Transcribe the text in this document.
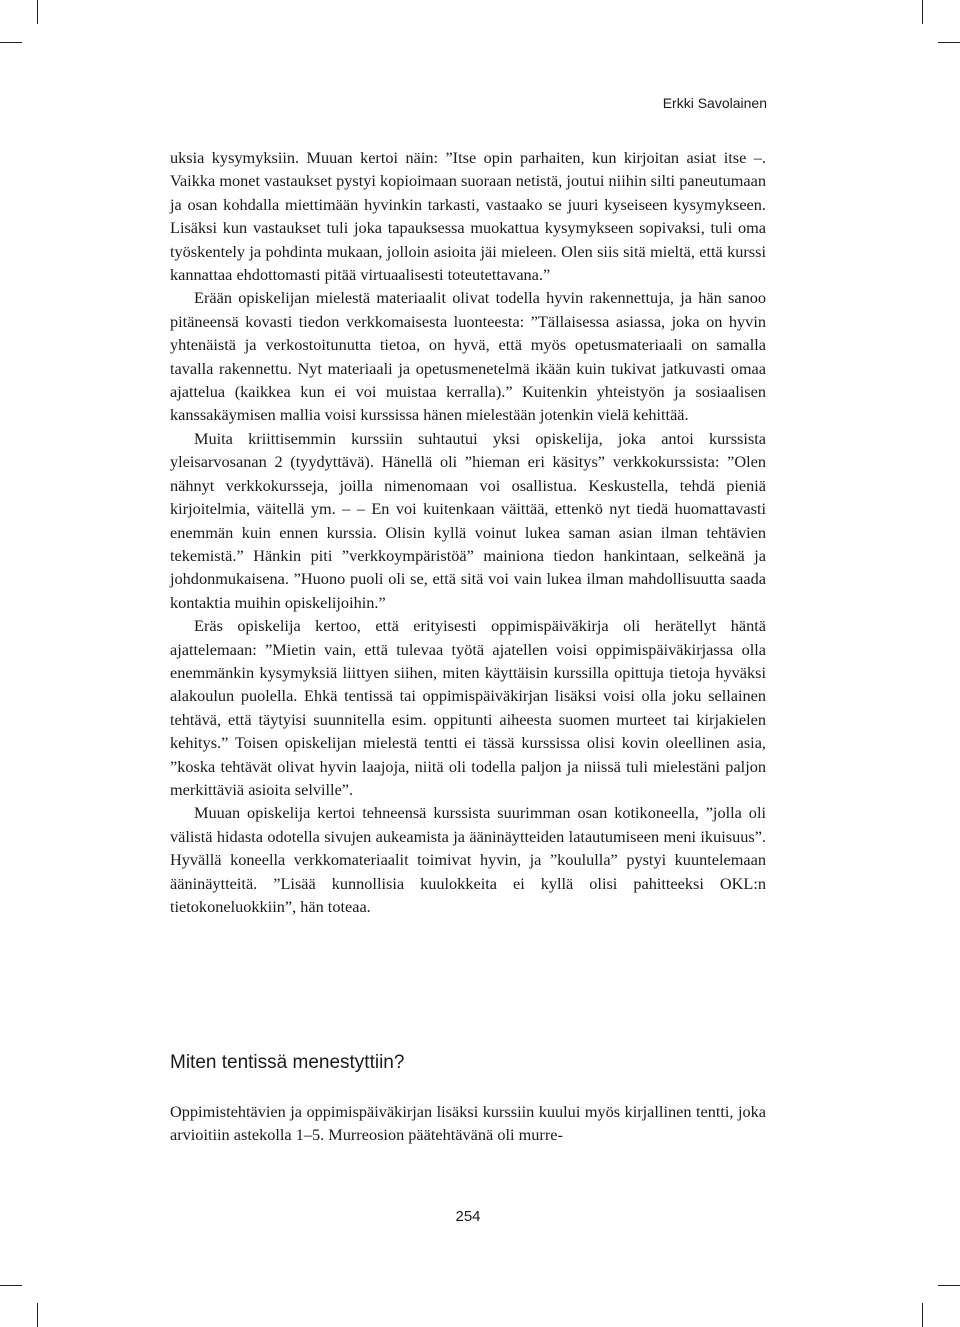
Erkki Savolainen

uksia kysymyksiin. Muuan kertoi näin: ”Itse opin parhaiten, kun kirjoitan asiat itse –. Vaikka monet vastaukset pystyi kopioimaan suoraan netistä, joutui niihin silti paneutumaan ja osan kohdalla miettimään hyvinkin tarkasti, vastaako se juuri kyseiseen kysymykseen. Lisäksi kun vastaukset tuli joka tapauksessa muokattua kysymykseen sopivaksi, tuli oma työskentely ja pohdinta mukaan, jolloin asioita jäi mieleen. Olen siis sitä mieltä, että kurssi kannattaa ehdottomasti pitää virtuaalisesti toteutettavana.”

Erään opiskelijan mielestä materiaalit olivat todella hyvin rakennettuja, ja hän sanoo pitäneensä kovasti tiedon verkkomaisesta luonteesta: ”Tällaisessa asiassa, joka on hyvin yhtenäistä ja verkostoitunutta tietoa, on hyvä, että myös opetusmateriaali on samalla tavalla rakennettu. Nyt materiaali ja opetusmenetelmä ikään kuin tukivat jatkuvasti omaa ajattelua (kaikkea kun ei voi muistaa kerralla).” Kuitenkin yhteistyön ja sosiaalisen kanssakäymisen mallia voisi kurssissa hänen mielestään jotenkin vielä kehittää.

Muita kriittisemmin kurssiin suhtautui yksi opiskelija, joka antoi kurssista yleisarvosanan 2 (tyydyttävä). Hänellä oli ”hieman eri käsitys” verkkokurssista: ”Olen nähnyt verkkokursseja, joilla nimenomaan voi osallistua. Keskustella, tehdä pieniä kirjoitelmia, väitellä ym. – – En voi kuitenkaan väittää, ettenkö nyt tiedä huomattavasti enemmän kuin ennen kurssia. Olisin kyllä voinut lukea saman asian ilman tehtävien tekemistä.” Hänkin piti ”verkkoympäristöä” mainiona tiedon hankintaan, selkeänä ja johdonmukaisena. ”Huono puoli oli se, että sitä voi vain lukea ilman mahdollisuutta saada kontaktia muihin opiskelijoihin.”

Eräs opiskelija kertoo, että erityisesti oppimispäiväkirja oli herätellyt häntä ajattelemaan: ”Mietin vain, että tulevaa työtä ajatellen voisi oppimispäiväkirjassa olla enemmänkin kysymyksiä liittyen siihen, miten käyttäisin kurssilla opittuja tietoja hyväksi alakoulun puolella. Ehkä tentissä tai oppimispäiväkirjan lisäksi voisi olla joku sellainen tehtävä, että täytyisi suunnitella esim. oppitunti aiheesta suomen murteet tai kirjakielen kehitys.” Toisen opiskelijan mielestä tentti ei tässä kurssissa olisi kovin oleellinen asia, ”koska tehtävät olivat hyvin laajoja, niitä oli todella paljon ja niissä tuli mielestäni paljon merkittäviä asioita selville”.

Muuan opiskelija kertoi tehneensä kurssista suurimman osan kotikoneella, ”jolla oli välistä hidasta odotella sivujen aukeamista ja ääninäytteiden latautumiseen meni ikuisuus”. Hyvällä koneella verkkomateriaalit toimivat hyvin, ja ”koululla” pystyi kuuntelemaan ääninäytteitä. ”Lisää kunnollisia kuulokkeita ei kyllä olisi pahitteeksi OKL:n tietokoneluokkiin”, hän toteaa.

Miten tentissä menestyttiin?

Oppimistehtävien ja oppimispäiväkirjan lisäksi kurssiin kuului myös kirjallinen tentti, joka arvioitiin astekolla 1–5. Murreosion päätehtävänä oli murre-

254
